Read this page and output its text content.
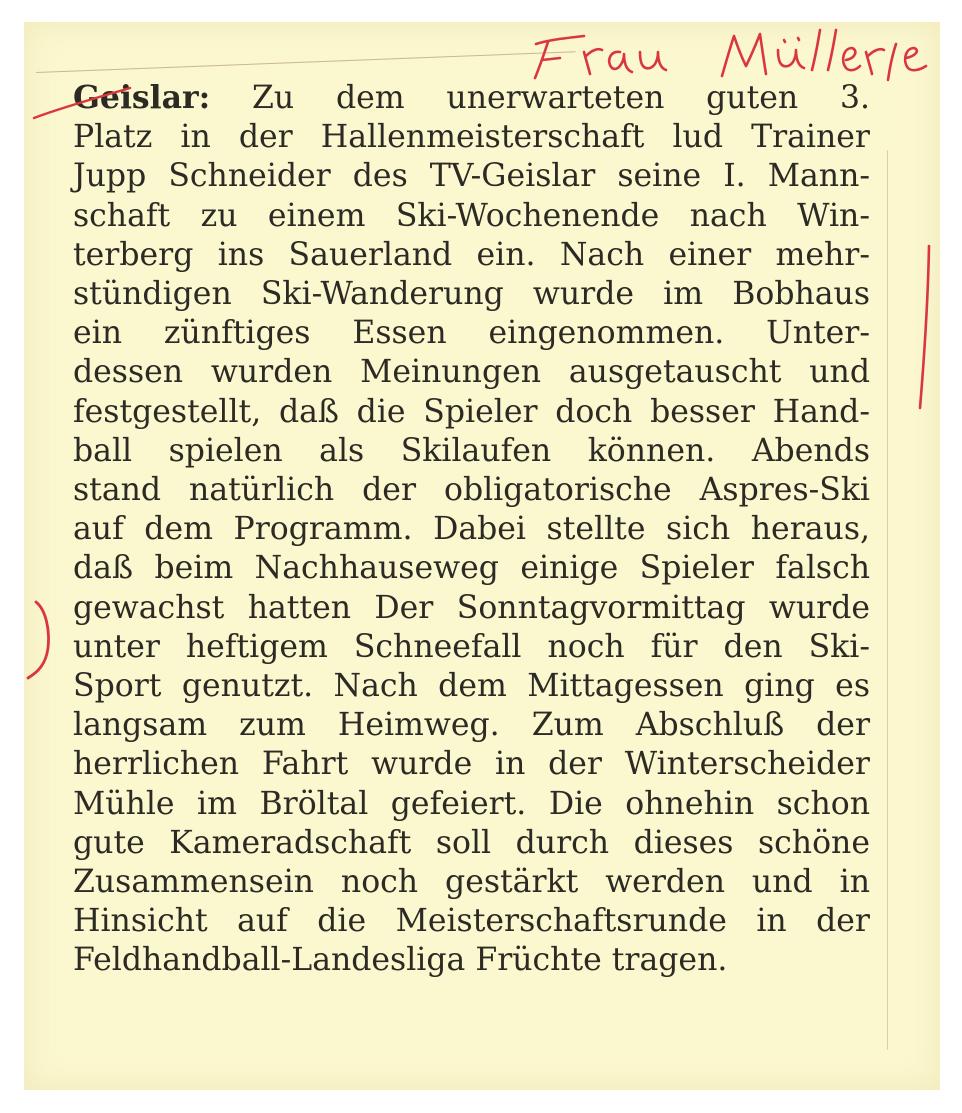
Geislar: Zu dem unerwarteten guten 3.
Platz in der Hallenmeisterschaft lud Trainer
Jupp Schneider des TV-Geislar seine I. Mann-
schaft zu einem Ski-Wochenende nach Win-
terberg ins Sauerland ein. Nach einer mehr-
stündigen Ski-Wanderung wurde im Bobhaus
ein zünftiges Essen eingenommen. Unter-
dessen wurden Meinungen ausgetauscht und
festgestellt, daß die Spieler doch besser Hand-
ball spielen als Skilaufen können. Abends
stand natürlich der obligatorische Aspres-Ski
auf dem Programm. Dabei stellte sich heraus,
daß beim Nachhauseweg einige Spieler falsch
gewachst hatten Der Sonntagvormittag wurde
unter heftigem Schneefall noch für den Ski-
Sport genutzt. Nach dem Mittagessen ging es
langsam zum Heimweg. Zum Abschluß der
herrlichen Fahrt wurde in der Winterscheider
Mühle im Bröltal gefeiert. Die ohnehin schon
gute Kameradschaft soll durch dieses schöne
Zusammensein noch gestärkt werden und in
Hinsicht auf die Meisterschaftsrunde in der
Feldhandball-Landesliga Früchte tragen.
